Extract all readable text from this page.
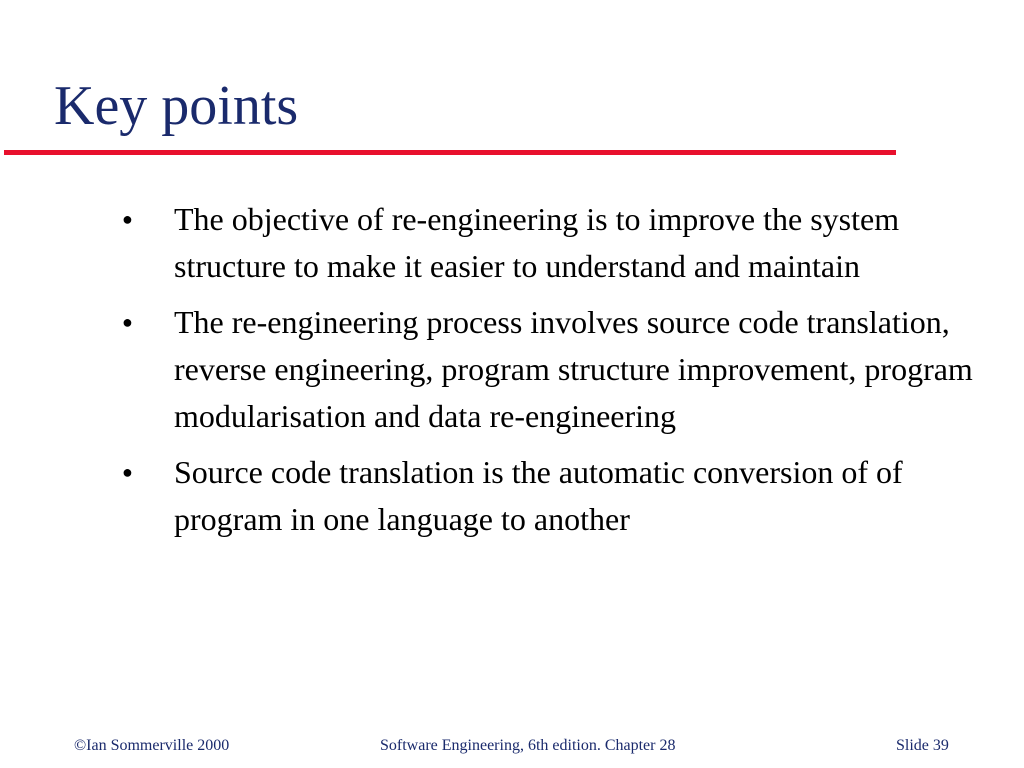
Key points
● The objective of re-engineering is to improve the system structure to make it easier to understand and maintain
● The re-engineering process involves source code translation, reverse engineering, program structure improvement, program modularisation and data re-engineering
● Source code translation is the automatic conversion of of program in one language to another
©Ian Sommerville 2000	Software Engineering, 6th edition. Chapter 28	Slide 39
